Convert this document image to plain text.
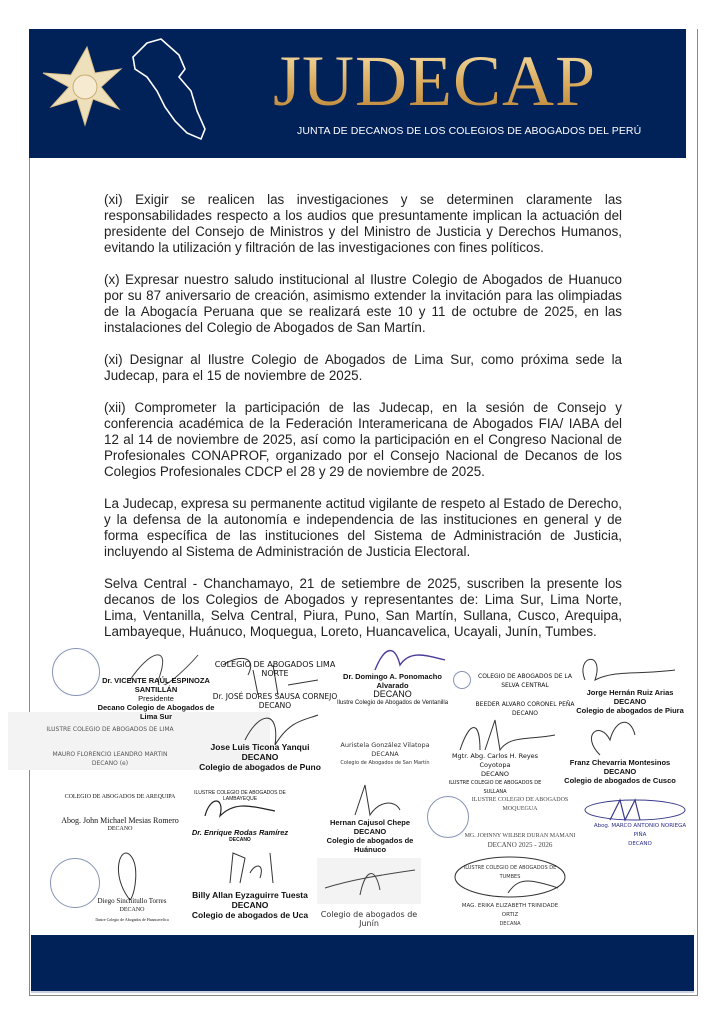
JUDECAP
JUNTA DE DECANOS DE LOS COLEGIOS DE ABOGADOS DEL PERÚ

(xi) Exigir se realicen las investigaciones y se determinen claramente las responsabilidades respecto a los audios que presuntamente implican la actuación del presidente del Consejo de Ministros y del Ministro de Justicia y Derechos Humanos, evitando la utilización y filtración de las investigaciones con fines políticos.

(x) Expresar nuestro saludo institucional al Ilustre Colegio de Abogados de Huanuco por su 87 aniversario de creación, asimismo extender la invitación para las olimpiadas de la Abogacía Peruana que se realizará este 10 y 11 de octubre de 2025, en las instalaciones del Colegio de Abogados de San Martín.

(xi) Designar al Ilustre Colegio de Abogados de Lima Sur, como próxima sede la Judecap, para el 15 de noviembre de 2025.

(xii) Comprometer la participación de las Judecap, en la sesión de Consejo y conferencia académica de la Federación Interamericana de Abogados FIA/ IABA del 12 al 14 de noviembre de 2025, así como la participación en el Congreso Nacional de Profesionales CONAPROF, organizado por el Consejo Nacional de Decanos de los Colegios Profesionales CDCP el 28 y 29 de noviembre de 2025.

La Judecap, expresa su permanente actitud vigilante de respeto al Estado de Derecho, y la defensa de la autonomía e independencia de las instituciones en general y de forma específica de las instituciones del Sistema de Administración de Justicia, incluyendo al Sistema de Administración de Justicia Electoral.

Selva Central - Chanchamayo, 21 de setiembre de 2025, suscriben la presente los decanos de los Colegios de Abogados y representantes de: Lima Sur, Lima Norte, Lima, Ventanilla, Selva Central, Piura, Puno, San Martín, Sullana, Cusco, Arequipa, Lambayeque, Huánuco, Moquegua, Loreto, Huancavelica, Ucayali, Junín, Tumbes.

Dr. VICENTE RAÚL ESPINOZA SANTILLÁN
Presidente
Decano Colegio de Abogados de Lima Sur
COLEGIO DE ABOGADOS LIMA NORTE
Dr. JOSÉ DORES SAUSA CORNEJO
DECANO
Dr. Domingo A. Ponomacho Alvarado
DECANO
Ilustre Colegio de Abogados de Ventanilla
COLEGIO DE ABOGADOS DE LA SELVA CENTRAL
BEEDER ALVARO CORONEL PEÑA
DECANO
Jorge Hernán Ruiz Arias
DECANO
Colegio de abogados de Piura
ILUSTRE COLEGIO DE ABOGADOS DE LIMA
MAURO FLORENCIO LEANDRO MARTIN
DECANO (e)
Jose Luis Ticona Yanqui
DECANO
Colegio de abogados de Puno
Auristela González Vilatopa
DECANA
Colegio de Abogados de San Martín
Mgtr. Abg. Carlos H. Reyes Coyotopa
DECANO
ILUSTRE COLEGIO DE ABOGADOS DE SULLANA
Franz Chevarria Montesinos
DECANO
Colegio de abogados de Cusco
COLEGIO DE ABOGADOS DE AREQUIPA
Abog. John Michael Mesias Romero
DECANO
ILUSTRE COLEGIO DE ABOGADOS DE LAMBAYEQUE
Dr. Enrique Rodas Ramírez
DECANO
Hernan Cajusol Chepe
DECANO
Colegio de abogados de Huánuco
ILUSTRE COLEGIO DE ABOGADOS MOQUEGUA
MG. JOHNNY WILBER DURAN MAMANI
DECANO 2025 - 2026
Abog. MARCO ANTONIO NORIEGA PIÑA
DECANO
Diego Sinchitullo Torres
DECANO
Ilustre Colegio de Abogados de Huancavelica
Billy Allan Eyzaguirre Tuesta
DECANO
Colegio de abogados de Uca	Colegio de abogados de Junín
ILUSTRE COLEGIO DE ABOGADOS DE TUMBES
MAG. ERIKA ELIZABETH TRINIDADE ORTIZ
DECANA
